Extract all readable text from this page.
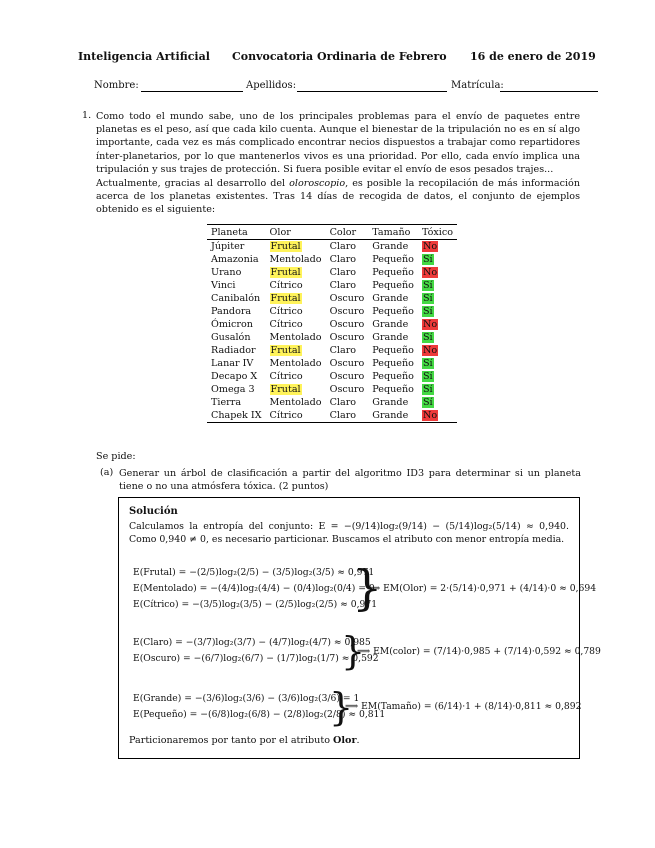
Inteligencia Artificial Convocatoria Ordinaria de Febrero 16 de enero de 2019
Nombre:	Apellidos:	Matrícula:
1. Como todo el mundo sabe, uno de los principales problemas para el envío de paquetes entre planetas es el peso, así que cada kilo cuenta. Aunque el bienestar de la tripulación no es en sí algo importante, cada vez es más complicado encontrar necios dispuestos a trabajar como repartidores ínter-planetarios, por lo que mantenerlos vivos es una prioridad. Por ello, cada envío implica una tripulación y sus trajes de protección. Si fuera posible evitar el envío de esos pesados trajes...
Actualmente, gracias al desarrollo del oloroscopio, es posible la recopilación de más información acerca de los planetas existentes. Tras 14 días de recogida de datos, el conjunto de ejemplos obtenido es el siguiente:
Planeta	Olor	Color	Tamaño	Tóxico
Júpiter	Frutal	Claro	Grande	No
Amazonia	Mentolado	Claro	Pequeño	Sí
Urano	Frutal	Claro	Pequeño	No
Vinci	Cítrico	Claro	Pequeño	Sí
Canibalón	Frutal	Oscuro	Grande	Sí
Pandora	Cítrico	Oscuro	Pequeño	Sí
Ómicron	Cítrico	Oscuro	Grande	No
Gusalón	Mentolado	Oscuro	Grande	Sí
Radiador	Frutal	Claro	Pequeño	No
Lanar IV	Mentolado	Oscuro	Pequeño	Sí
Decapo X	Cítrico	Oscuro	Pequeño	Sí
Omega 3	Frutal	Oscuro	Pequeño	Sí
Tierra	Mentolado	Claro	Grande	Sí
Chapek IX	Cítrico	Claro	Grande	No
Se pide:
(a) Generar un árbol de clasificación a partir del algoritmo ID3 para determinar si un planeta tiene o no una atmósfera tóxica. (2 puntos)
Solución
Calculamos la entropía del conjunto: E = −(9/14)log₂(9/14) − (5/14)log₂(5/14) ≈ 0,940. Como 0,940 ≠ 0, es necesario particionar. Buscamos el atributo con menor entropía media.
E(Frutal) = −(2/5)log₂(2/5) − (3/5)log₂(3/5) ≈ 0,971
E(Mentolado) = −(4/4)log₂(4/4) − (0/4)log₂(0/4) = 0
E(Cítrico) = −(3/5)log₂(3/5) − (2/5)log₂(2/5) ≈ 0,971
}
⟹ EM(Olor) = 2·(5/14)·0,971 + (4/14)·0 ≈ 0,694
E(Claro) = −(3/7)log₂(3/7) − (4/7)log₂(4/7) ≈ 0,985
E(Oscuro) = −(6/7)log₂(6/7) − (1/7)log₂(1/7) ≈ 0,592
}
⟹ EM(color) = (7/14)·0,985 + (7/14)·0,592 ≈ 0,789
E(Grande) = −(3/6)log₂(3/6) − (3/6)log₂(3/6) = 1
E(Pequeño) = −(6/8)log₂(6/8) − (2/8)log₂(2/8) ≈ 0,811
}
⟹ EM(Tamaño) = (6/14)·1 + (8/14)·0,811 ≈ 0,892
Particionaremos por tanto por el atributo Olor.
